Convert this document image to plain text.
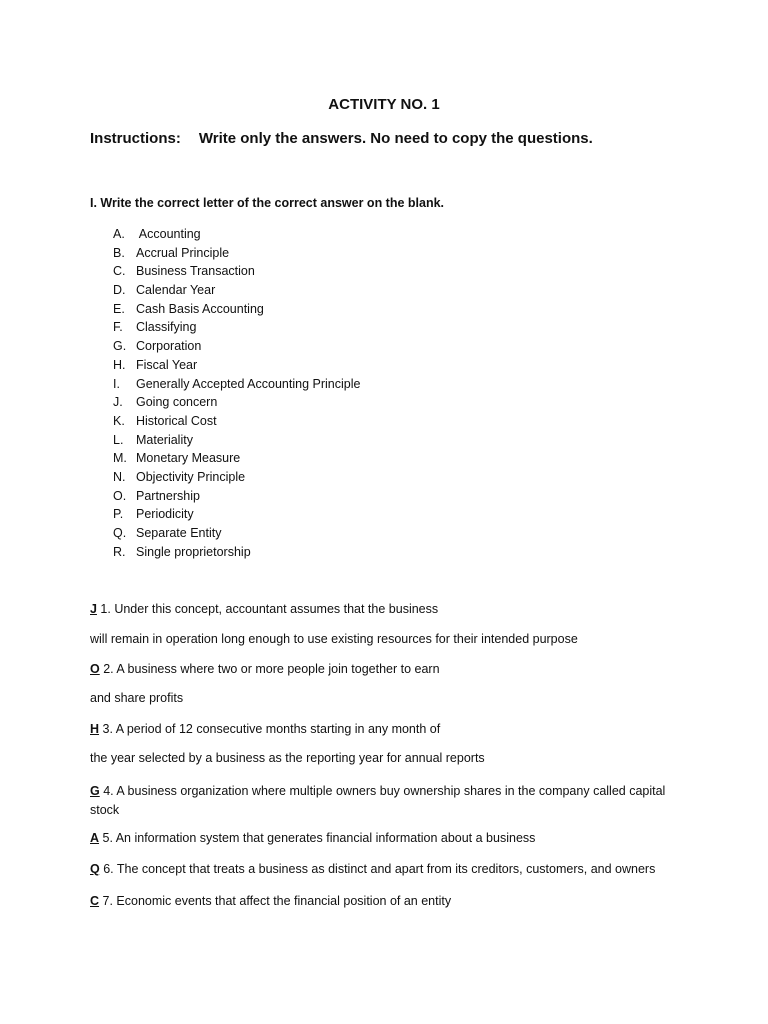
ACTIVITY NO. 1
Instructions: Write only the answers. No need to copy the questions.
I. Write the correct letter of the correct answer on the blank.
A. Accounting
B. Accrual Principle
C. Business Transaction
D. Calendar Year
E. Cash Basis Accounting
F. Classifying
G. Corporation
H. Fiscal Year
I. Generally Accepted Accounting Principle
J. Going concern
K. Historical Cost
L. Materiality
M. Monetary Measure
N. Objectivity Principle
O. Partnership
P. Periodicity
Q. Separate Entity
R. Single proprietorship
J 1. Under this concept, accountant assumes that the business
will remain in operation long enough to use existing resources for their intended purpose
O 2. A business where two or more people join together to earn
and share profits
H 3. A period of 12 consecutive months starting in any month of
the year selected by a business as the reporting year for annual reports
G 4. A business organization where multiple owners buy ownership shares in the company called capital stock
A 5. An information system that generates financial information about a business
Q 6. The concept that treats a business as distinct and apart from its creditors, customers, and owners
C 7. Economic events that affect the financial position of an entity
